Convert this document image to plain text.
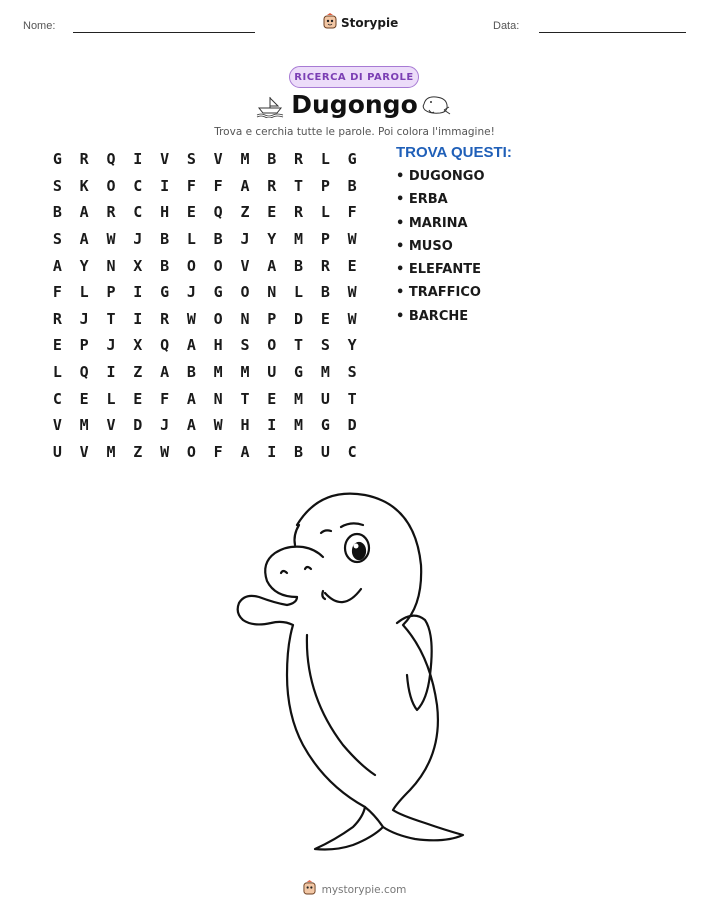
Nome:	Data:
Storypie
RICERCA DI PAROLE
Dugongo
Trova e cerchia tutte le parole. Poi colora l'immagine!
G	R	Q	I	V	S	V	M	B	R	L	G
S	K	O	C	I	F	F	A	R	T	P	B
B	A	R	C	H	E	Q	Z	E	R	L	F
S	A	W	J	B	L	B	J	Y	M	P	W
A	Y	N	X	B	O	O	V	A	B	R	E
F	L	P	I	G	J	G	O	N	L	B	W
R	J	T	I	R	W	O	N	P	D	E	W
E	P	J	X	Q	A	H	S	O	T	S	Y
L	Q	I	Z	A	B	M	M	U	G	M	S
C	E	L	E	F	A	N	T	E	M	U	T
V	M	V	D	J	A	W	H	I	M	G	D
U	V	M	Z	W	O	F	A	I	B	U	C
TROVA QUESTI:
• DUGONGO
• ERBA
• MARINA
• MUSO
• ELEFANTE
• TRAFFICO
• BARCHE
mystorypie.com
